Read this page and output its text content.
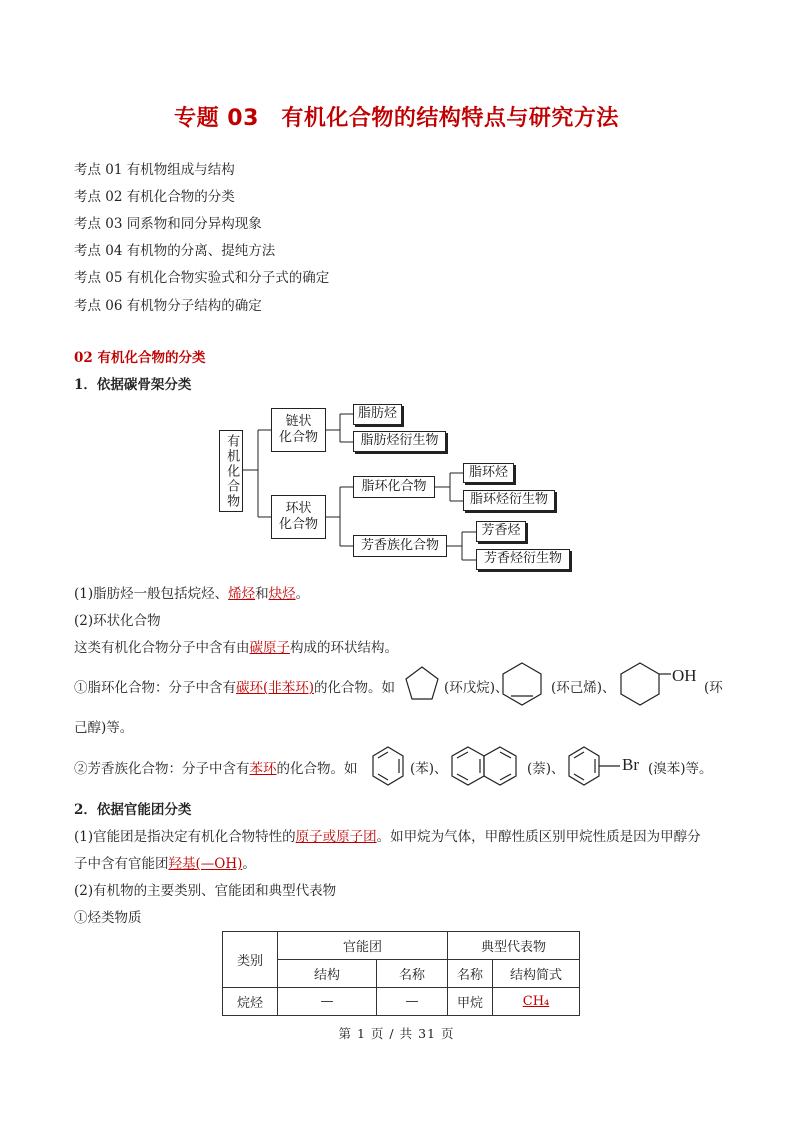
专题 03　有机化合物的结构特点与研究方法
考点 01 有机物组成与结构
考点 02 有机化合物的分类
考点 03 同系物和同分异构现象
考点 04 有机物的分离、提纯方法
考点 05 有机化合物实验式和分子式的确定
考点 06 有机物分子结构的确定
02 有机化合物的分类
1．依据碳骨架分类
有机化合物
链状
化合物
环状
化合物
脂肪烃
脂肪烃衍生物
脂环化合物
芳香族化合物
脂环烃
脂环烃衍生物
芳香烃
芳香烃衍生物
(1)脂肪烃一般包括烷烃、烯烃和炔烃。
(2)环状化合物
这类有机化合物分子中含有由碳原子构成的环状结构。
①脂环化合物：分子中含有碳环(非苯环)的化合物。如	(环戊烷)、	(环己烯)、
OH
(环
己醇)等。
②芳香族化合物：分子中含有苯环的化合物。如	(苯)、	(萘)、	Br (溴苯)等。
2．依据官能团分类
(1)官能团是指决定有机化合物特性的原子或原子团。如甲烷为气体，甲醇性质区别甲烷性质是因为甲醇分
子中含有官能团羟基(—OH)。
(2)有机物的主要类别、官能团和典型代表物
①烃类物质
类别	官能团		典型代表物	
	结构	名称	名称	结构简式
烷烃	—	—	甲烷	CH₄
第 1 页 / 共 31 页
